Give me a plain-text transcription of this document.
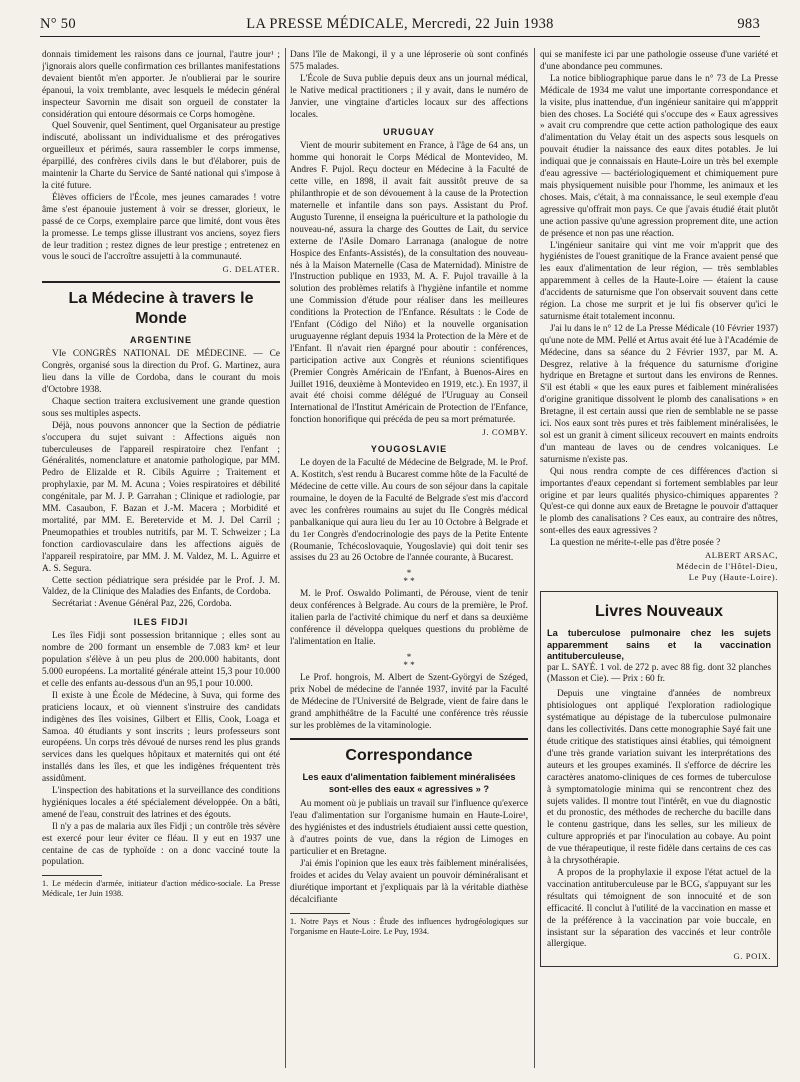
N° 50	LA PRESSE MÉDICALE, Mercredi, 22 Juin 1938	983

donnais timidement les raisons dans ce journal, l'autre jour¹ ; j'ignorais alors quelle confirmation ces brillantes manifestations devaient bientôt m'en apporter. Je n'oublierai par le sourire épanoui, la voix tremblante, avec lesquels le médecin général inspecteur Savornin me disait son orgueil de constater la considération qui entoure désormais ce Corps homogène.

Quel Souvenir, quel Sentiment, quel Organisateur au prestige indiscuté, abolissant un individualisme et des prérogatives orgueilleux et périmés, saura rassembler le corps immense, éparpillé, des confrères civils dans le but d'élaborer, puis de maintenir la Charte du Service de Santé national qui s'impose à la cité future.

Élèves officiers de l'École, mes jeunes camarades ! votre âme s'est épanouie justement à voir se dresser, glorieux, le passé de ce Corps, exemplaire parce que limité, dont vous êtes la promesse. Le temps glisse illustrant vos anciens, soyez fiers de leur tradition ; restez dignes de leur prestige ; entretenez en vous le souci de l'accroître assujetti à la communauté.

G. DELATER.
La Médecine à travers le Monde
ARGENTINE

VIe CONGRÈS NATIONAL DE MÉDECINE. — Ce Congrès, organisé sous la direction du Prof. G. Martinez, aura lieu dans la ville de Cordoba, dans le courant du mois d'Octobre 1938.

Chaque section traitera exclusivement une grande question sous ses multiples aspects.

Déjà, nous pouvons annoncer que la Section de pédiatrie s'occupera du sujet suivant : Affections aiguës non tuberculeuses de l'appareil respiratoire chez l'enfant ; Généralités, nomenclature et anatomie pathologique, par MM. Pedro de Elizalde et R. Cibils Aguirre ; Traitement et prophylaxie, par M. M. Acuna ; Voies respiratoires et débilité congénitale, par M. J. P. Garrahan ; Clinique et radiologie, par MM. Casaubon, F. Bazan et J.-M. Macera ; Morbidité et mortalité, par MM. E. Beretervide et M. J. Del Carril ; Pneumopathies et troubles nutritifs, par M. T. Schweizer ; La fonction cardiovasculaire dans les affections aiguës de l'appareil respiratoire, par MM. J. M. Valdez, M. L. Aguirre et A. S. Segura.

Cette section pédiatrique sera présidée par le Prof. J. M. Valdez, de la Clinique des Maladies des Enfants, de Cordoba.

Secrétariat : Avenue Général Paz, 226, Cordoba.

ILES FIDJI

Les îles Fidji sont possession britannique ; elles sont au nombre de 200 formant un ensemble de 7.083 km² et leur population s'élève à un peu plus de 200.000 habitants, dont 5.000 européens. La mortalité générale atteint 15,3 pour 10.000 et celle des enfants au-dessous d'un an 95,1 pour 10.000.

Il existe à une École de Médecine, à Suva, qui forme des praticiens locaux, et où viennent s'instruire des candidats indigènes des îles voisines, Gilbert et Ellis, Cook, Loaga et Samoa. 40 étudiants y sont inscrits ; leurs professeurs sont européens. Un corps très dévoué de nurses rend les plus grands services dans les quelques hôpitaux et maternités qui ont été installés dans les îles, et que les indigènes fréquentent très assidûment.

L'inspection des habitations et la surveillance des conditions hygiéniques locales a été spécialement développée. On a bâti, amené de l'eau, construit des latrines et des égouts.

Il n'y a pas de malaria aux îles Fidji ; un contrôle très sévère est exercé pour leur éviter ce fléau. Il y eut en 1937 une centaine de cas de typhoïde : on a donc vacciné toute la population.

1. Le médecin d'armée, initiateur d'action médico-sociale. La Presse Médicale, 1er Juin 1938.

Dans l'île de Makongi, il y a une léproserie où sont confinés 575 malades.

L'École de Suva publie depuis deux ans un journal médical, le Native medical practitioners ; il y avait, dans le numéro de Janvier, une vingtaine d'articles locaux sur des affections locales.

URUGUAY

Vient de mourir subitement en France, à l'âge de 64 ans, un homme qui honorait le Corps Médical de Montevideo, M. Andres F. Pujol. Reçu docteur en Médecine à la Faculté de cette ville, en 1898, il avait fait aussitôt preuve de sa philanthropie et de son dévouement à la cause de la Protection maternelle et infantile dans son pays. Assistant du Prof. Augusto Turenne, il enseigna la puériculture et la pathologie du nouveau-né, assura la charge des Gouttes de Lait, du service externe de l'Asile Domaro Larranaga (analogue de notre Hospice des Enfants-Assistés), de la consultation des nouveau-nés à la Maison Maternelle (Casa de Maternidad). Ministre de l'Instruction publique en 1933, M. A. F. Pujol travaille à la solution des problèmes relatifs à l'hygiène infantile et nomme une Commission d'étude pour réaliser dans les meilleures conditions la Protection de l'Enfance. Résultats : le Code de l'Enfant (Código del Niño) et la nouvelle organisation uruguayenne réglant depuis 1934 la Protection de la Mère et de l'Enfant. Il n'avait rien épargné pour aboutir : conférences, participation active aux Congrès et réunions scientifiques (Premier Congrès Américain de l'Enfant, à Buenos-Aires en Juillet 1916, deuxième à Montevideo en 1919, etc.). En 1937, il avait été choisi comme délégué de l'Uruguay au Conseil International de l'Institut Américain de Protection de l'Enfance, fonction honorifique qui précéda de peu sa mort prématurée.

J. COMBY.
YOUGOSLAVIE

Le doyen de la Faculté de Médecine de Belgrade, M. le Prof. A. Kostitch, s'est rendu à Bucarest comme hôte de la Faculté de Médecine de cette ville. Au cours de son séjour dans la capitale roumaine, le doyen de la Faculté de Belgrade s'est mis d'accord avec les confrères roumains au sujet du IIe Congrès médical panbalkanique qui aura lieu du 1er au 10 Octobre à Belgrade et du 1er Congrès d'endocrinologie des pays de la Petite Entente (Roumanie, Tchécoslovaquie, Yougoslavie) qui doit tenir ses assises du 23 au 26 Octobre de l'année courante, à Bucarest.

*
* *

M. le Prof. Oswaldo Polimanti, de Pérouse, vient de tenir deux conférences à Belgrade. Au cours de la première, le Prof. italien parla de l'activité chimique du nerf et dans sa deuxième conférence il développa quelques questions du problème de l'alimentation en Italie.

*
* *

Le Prof. hongrois, M. Albert de Szent-Györgyi de Széged, prix Nobel de médecine de l'année 1937, invité par la Faculté de Médecine de l'Université de Belgrade, vient de faire dans le grand amphithéâtre de la Faculté une conférence très réussie sur les problèmes de la vitaminologie.

Correspondance

Les eaux d'alimentation faiblement minéralisées sont-elles des eaux « agressives » ?

Au moment où je publiais un travail sur l'influence qu'exerce l'eau d'alimentation sur l'organisme humain en Haute-Loire¹, des hygiénistes et des industriels étudiaient aussi cette question, à d'autres points de vue, dans la région de Limoges en particulier et en Bretagne.

J'ai émis l'opinion que les eaux très faiblement minéralisées, froides et acides du Velay avaient un pouvoir déminéralisant et diurétique important et j'expliquais par là la véritable diathèse décalcifiante

1. Notre Pays et Nous : Étude des influences hydrogéologiques sur l'organisme en Haute-Loire. Le Puy, 1934.

qui se manifeste ici par une pathologie osseuse d'une variété et d'une abondance peu communes.

La notice bibliographique parue dans le n° 73 de La Presse Médicale de 1934 me valut une importante correspondance et la visite, plus inattendue, d'un ingénieur sanitaire qui m'appprit bien des choses. La Société qui s'occupe des « Eaux agressives » avait cru comprendre que cette action pathologique des eaux d'alimentation du Velay était un des aspects sous lesquels on pouvait étudier la naissance des eaux dites potables. Je lui indiquai que je connaissais en Haute-Loire un très bel exemple d'eau agressive — bactériologiquement et chimiquement pure mais physiquement nuisible pour l'homme, les animaux et les choses. Mais, c'était, à ma connaissance, le seul exemple d'eau agressive qu'offrait mon pays. Ce que j'avais étudié était plutôt une action passive qu'une agression proprement dite, une action de présence et non pas une réaction.

L'ingénieur sanitaire qui vint me voir m'apprit que des hygiénistes de l'ouest granitique de la France avaient pensé que les eaux d'alimentation de leur région, — très semblables apparemment à celles de la Haute-Loire — étaient la cause d'accidents de saturnisme que l'on observait souvent dans cette région. La chose me surprit et je lui fis observer qu'ici le saturnisme était totalement inconnu.

J'ai lu dans le n° 12 de La Presse Médicale (10 Février 1937) qu'une note de MM. Pellé et Artus avait été lue à l'Académie de Médecine, dans sa séance du 2 Février 1937, par M. A. Desgrez, relative à la fréquence du saturnisme d'origine hydrique en Bretagne et surtout dans les environs de Rennes. S'il est établi « que les eaux pures et faiblement minéralisées d'origine granitique dissolvent le plomb des canalisations » en Bretagne, il est certain aussi que rien de semblable ne se passe ici. Nos eaux sont très pures et très faiblement minéralisées, le sol est un granit à ciment siliceux recouvert en maints endroits d'un manteau de laves ou de cendres volcaniques. Le saturnisme n'existe pas.

Qui nous rendra compte de ces différences d'action si importantes d'eaux cependant si fortement semblables par leur origine et par leurs qualités physico-chimiques apparentes ? Qu'est-ce qui donne aux eaux de Bretagne le pouvoir d'attaquer le plomb des canalisations ? Ces eaux, au contraire des nôtres, sont-elles des eaux agressives ?

La question ne mérite-t-elle pas d'être posée ?

ALBERT ARSAC,
Médecin de l'Hôtel-Dieu,
Le Puy (Haute-Loire).
Livres Nouveaux

La tuberculose pulmonaire chez les sujets apparemment sains et la vaccination antituberculeuse,

par L. SAYÉ. 1 vol. de 272 p. avec 88 fig. dont 32 planches (Masson et Cie). — Prix : 60 fr.

Depuis une vingtaine d'années de nombreux phtisiologues ont appliqué l'exploration radiologique systématique au dépistage de la tuberculose pulmonaire dans les collectivités. Dans cette monographie Sayé fait une étude critique des statistiques ainsi établies, qui témoignent d'une très grande variation suivant les interprétations des auteurs et les groupes examinés. Il s'efforce de décrire les caractères anatomo-cliniques de ces formes de tuberculose à symptomatologie minima qui se rencontrent chez des sujets valides. Il montre tout l'intérêt, en vue du diagnostic et du pronostic, des méthodes de recherche du bacille dans le contenu gastrique, dans les selles, sur les milieux de culture appropriés et par l'inoculation au cobaye. Au point de vue thérapeutique, il reste fidèle dans certains de ces cas à la chrysothérapie.

A propos de la prophylaxie il expose l'état actuel de la vaccination antituberculeuse par le BCG, s'appuyant sur les résultats qui témoignent de son innocuité et de son efficacité. Il conclut à l'utilité de la vaccination en masse et de la préférence à la vaccination par voie buccale, en insistant sur la séparation des vaccinés et leur contrôle allergique.

G. POIX.
